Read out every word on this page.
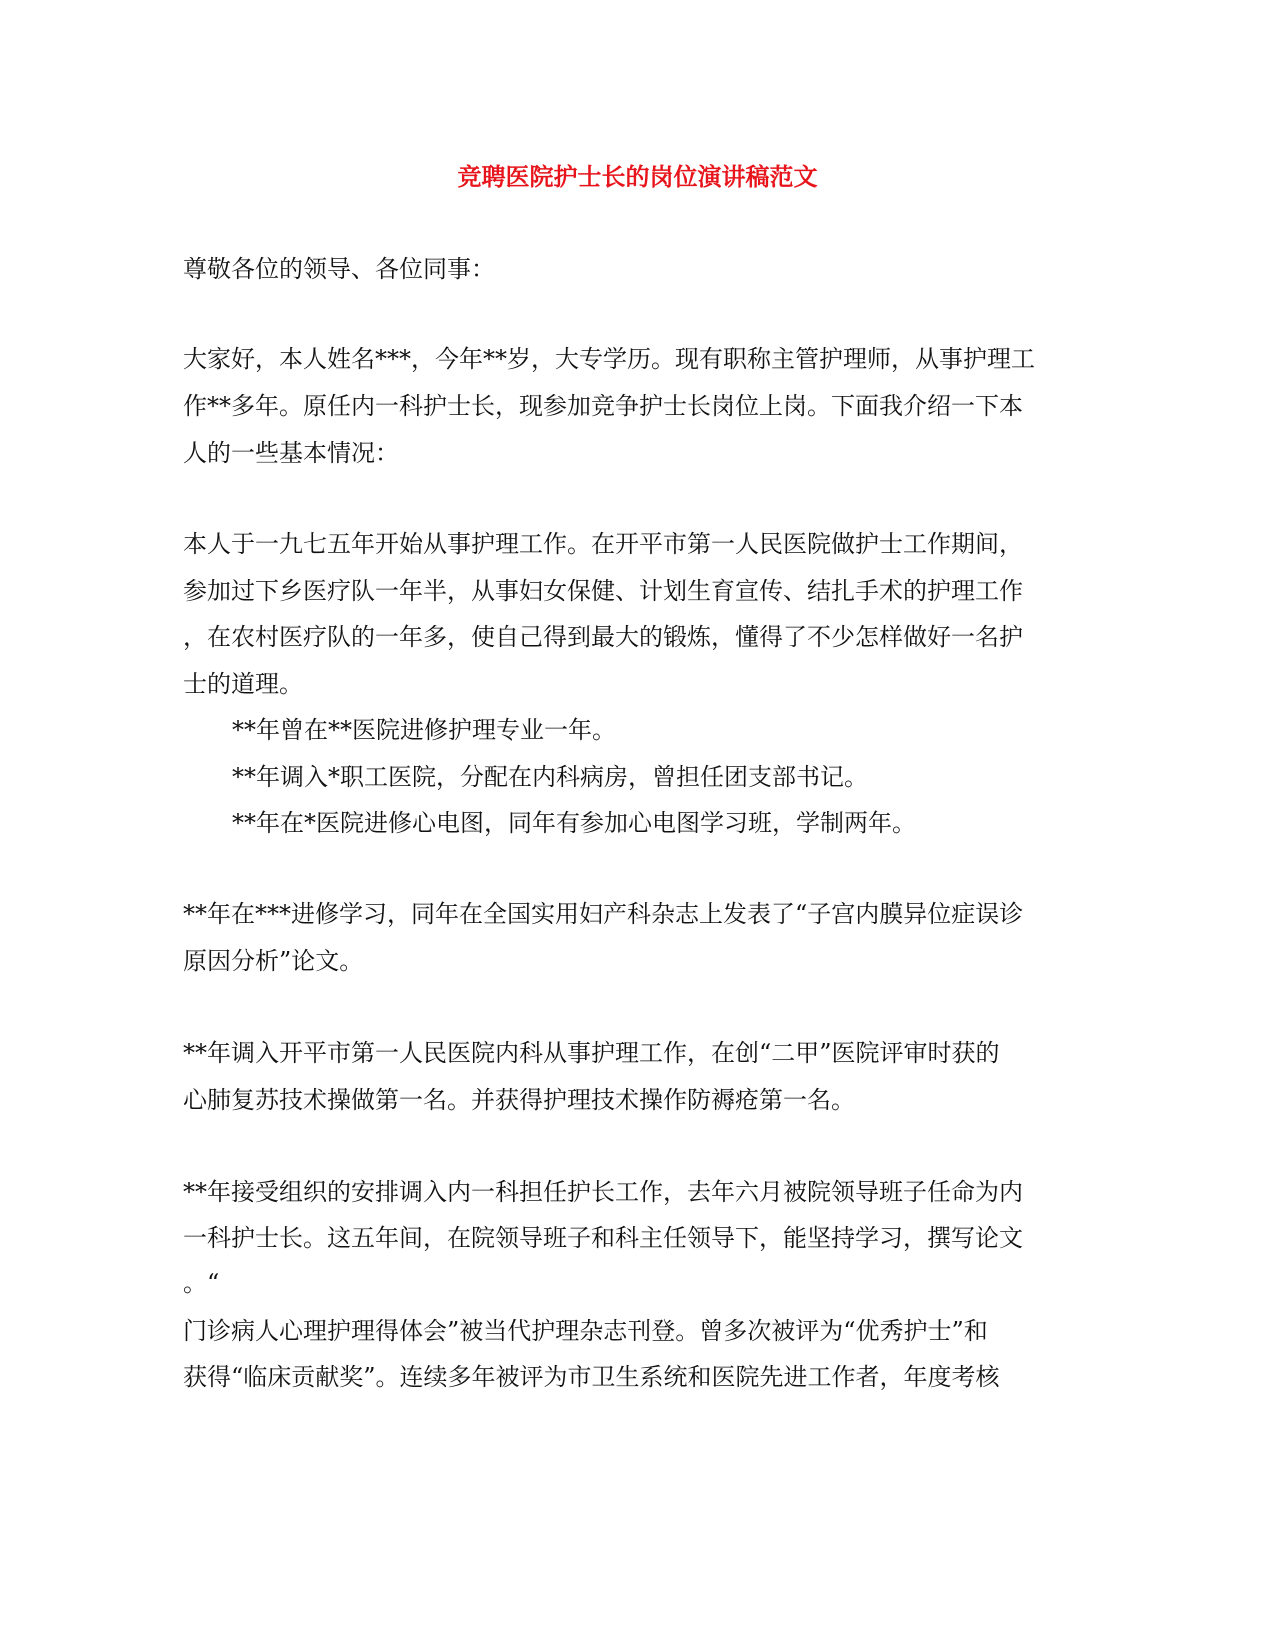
竞聘医院护士长的岗位演讲稿范文
尊敬各位的领导、各位同事：
大家好，本人姓名***，今年**岁，大专学历。现有职称主管护理师，从事护理工
作**多年。原任内一科护士长，现参加竞争护士长岗位上岗。下面我介绍一下本
人的一些基本情况：
本人于一九七五年开始从事护理工作。在开平市第一人民医院做护士工作期间，
参加过下乡医疗队一年半，从事妇女保健、计划生育宣传、结扎手术的护理工作
，在农村医疗队的一年多，使自己得到最大的锻炼，懂得了不少怎样做好一名护
士的道理。
**年曾在**医院进修护理专业一年。
**年调入*职工医院，分配在内科病房，曾担任团支部书记。
**年在*医院进修心电图，同年有参加心电图学习班，学制两年。
**年在***进修学习，同年在全国实用妇产科杂志上发表了“子宫内膜异位症误诊
原因分析”论文。
**年调入开平市第一人民医院内科从事护理工作，在创“二甲”医院评审时获的
心肺复苏技术操做第一名。并获得护理技术操作防褥疮第一名。
**年接受组织的安排调入内一科担任护长工作，去年六月被院领导班子任命为内
一科护士长。这五年间，在院领导班子和科主任领导下，能坚持学习，撰写论文
。“
门诊病人心理护理得体会”被当代护理杂志刊登。曾多次被评为“优秀护士”和
获得“临床贡献奖”。连续多年被评为市卫生系统和医院先进工作者，年度考核
